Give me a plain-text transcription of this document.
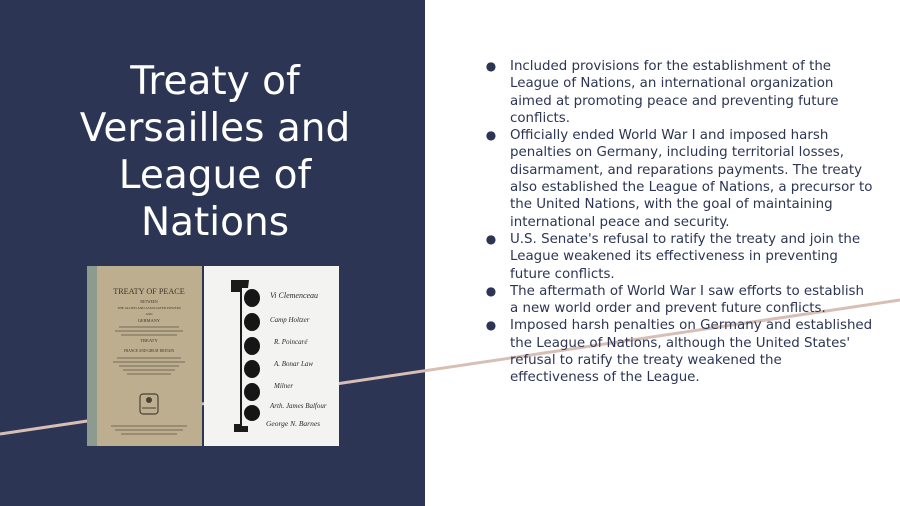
Treaty of
Versailles and
League of
Nations
TREATY OF PEACE
BETWEEN
THE ALLIED AND ASSOCIATED POWERS
AND
GERMANY
TREATY
FRANCE AND GREAT BRITAIN
Vi Clemenceau
Camp Holtzer
R. Poincaré
A. Bonar Law
Milner
Arth. James Balfour
George N. Barnes
● Included provisions for the establishment of the League of Nations, an international organization aimed at promoting peace and preventing future conflicts.
● Officially ended World War I and imposed harsh penalties on Germany, including territorial losses, disarmament, and reparations payments. The treaty also established the League of Nations, a precursor to the United Nations, with the goal of maintaining international peace and security.
● U.S. Senate's refusal to ratify the treaty and join the League weakened its effectiveness in preventing future conflicts.
● The aftermath of World War I saw efforts to establish a new world order and prevent future conflicts.
● Imposed harsh penalties on Germany and established the League of Nations, although the United States' refusal to ratify the treaty weakened the effectiveness of the League.
